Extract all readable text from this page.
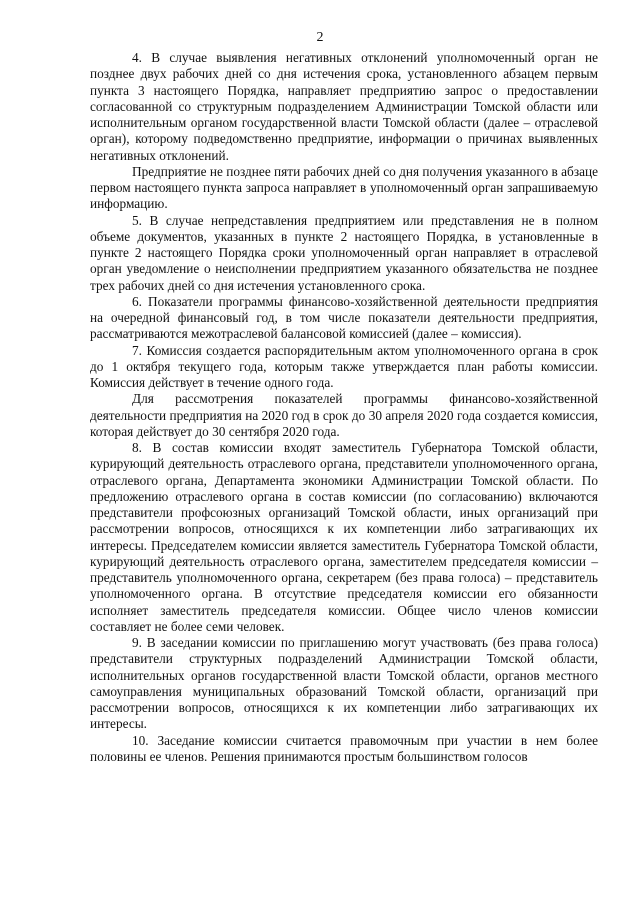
2

4. В случае выявления негативных отклонений уполномоченный орган не позднее двух рабочих дней со дня истечения срока, установленного абзацем первым пункта 3 настоящего Порядка, направляет предприятию запрос о предоставлении согласованной со структурным подразделением Администрации Томской области или исполнительным органом государственной власти Томской области (далее – отраслевой орган), которому подведомственно предприятие, информации о причинах выявленных негативных отклонений.

Предприятие не позднее пяти рабочих дней со дня получения указанного в абзаце первом настоящего пункта запроса направляет в уполномоченный орган запрашиваемую информацию.

5. В случае непредставления предприятием или представления не в полном объеме документов, указанных в пункте 2 настоящего Порядка, в установленные в пункте 2 настоящего Порядка сроки уполномоченный орган направляет в отраслевой орган уведомление о неисполнении предприятием указанного обязательства не позднее трех рабочих дней со дня истечения установленного срока.

6. Показатели программы финансово-хозяйственной деятельности предприятия на очередной финансовый год, в том числе показатели деятельности предприятия, рассматриваются межотраслевой балансовой комиссией (далее – комиссия).

7. Комиссия создается распорядительным актом уполномоченного органа в срок до 1 октября текущего года, которым также утверждается план работы комиссии. Комиссия действует в течение одного года.

Для рассмотрения показателей программы финансово-хозяйственной деятельности предприятия на 2020 год в срок до 30 апреля 2020 года создается комиссия, которая действует до 30 сентября 2020 года.

8. В состав комиссии входят заместитель Губернатора Томской области, курирующий деятельность отраслевого органа, представители уполномоченного органа, отраслевого органа, Департамента экономики Администрации Томской области. По предложению отраслевого органа в состав комиссии (по согласованию) включаются представители профсоюзных организаций Томской области, иных организаций при рассмотрении вопросов, относящихся к их компетенции либо затрагивающих их интересы. Председателем комиссии является заместитель Губернатора Томской области, курирующий деятельность отраслевого органа, заместителем председателя комиссии – представитель уполномоченного органа, секретарем (без права голоса) – представитель уполномоченного органа. В отсутствие председателя комиссии его обязанности исполняет заместитель председателя комиссии. Общее число членов комиссии составляет не более семи человек.

9. В заседании комиссии по приглашению могут участвовать (без права голоса) представители структурных подразделений Администрации Томской области, исполнительных органов государственной власти Томской области, органов местного самоуправления муниципальных образований Томской области, организаций при рассмотрении вопросов, относящихся к их компетенции либо затрагивающих их интересы.

10. Заседание комиссии считается правомочным при участии в нем более половины ее членов. Решения принимаются простым большинством голосов
